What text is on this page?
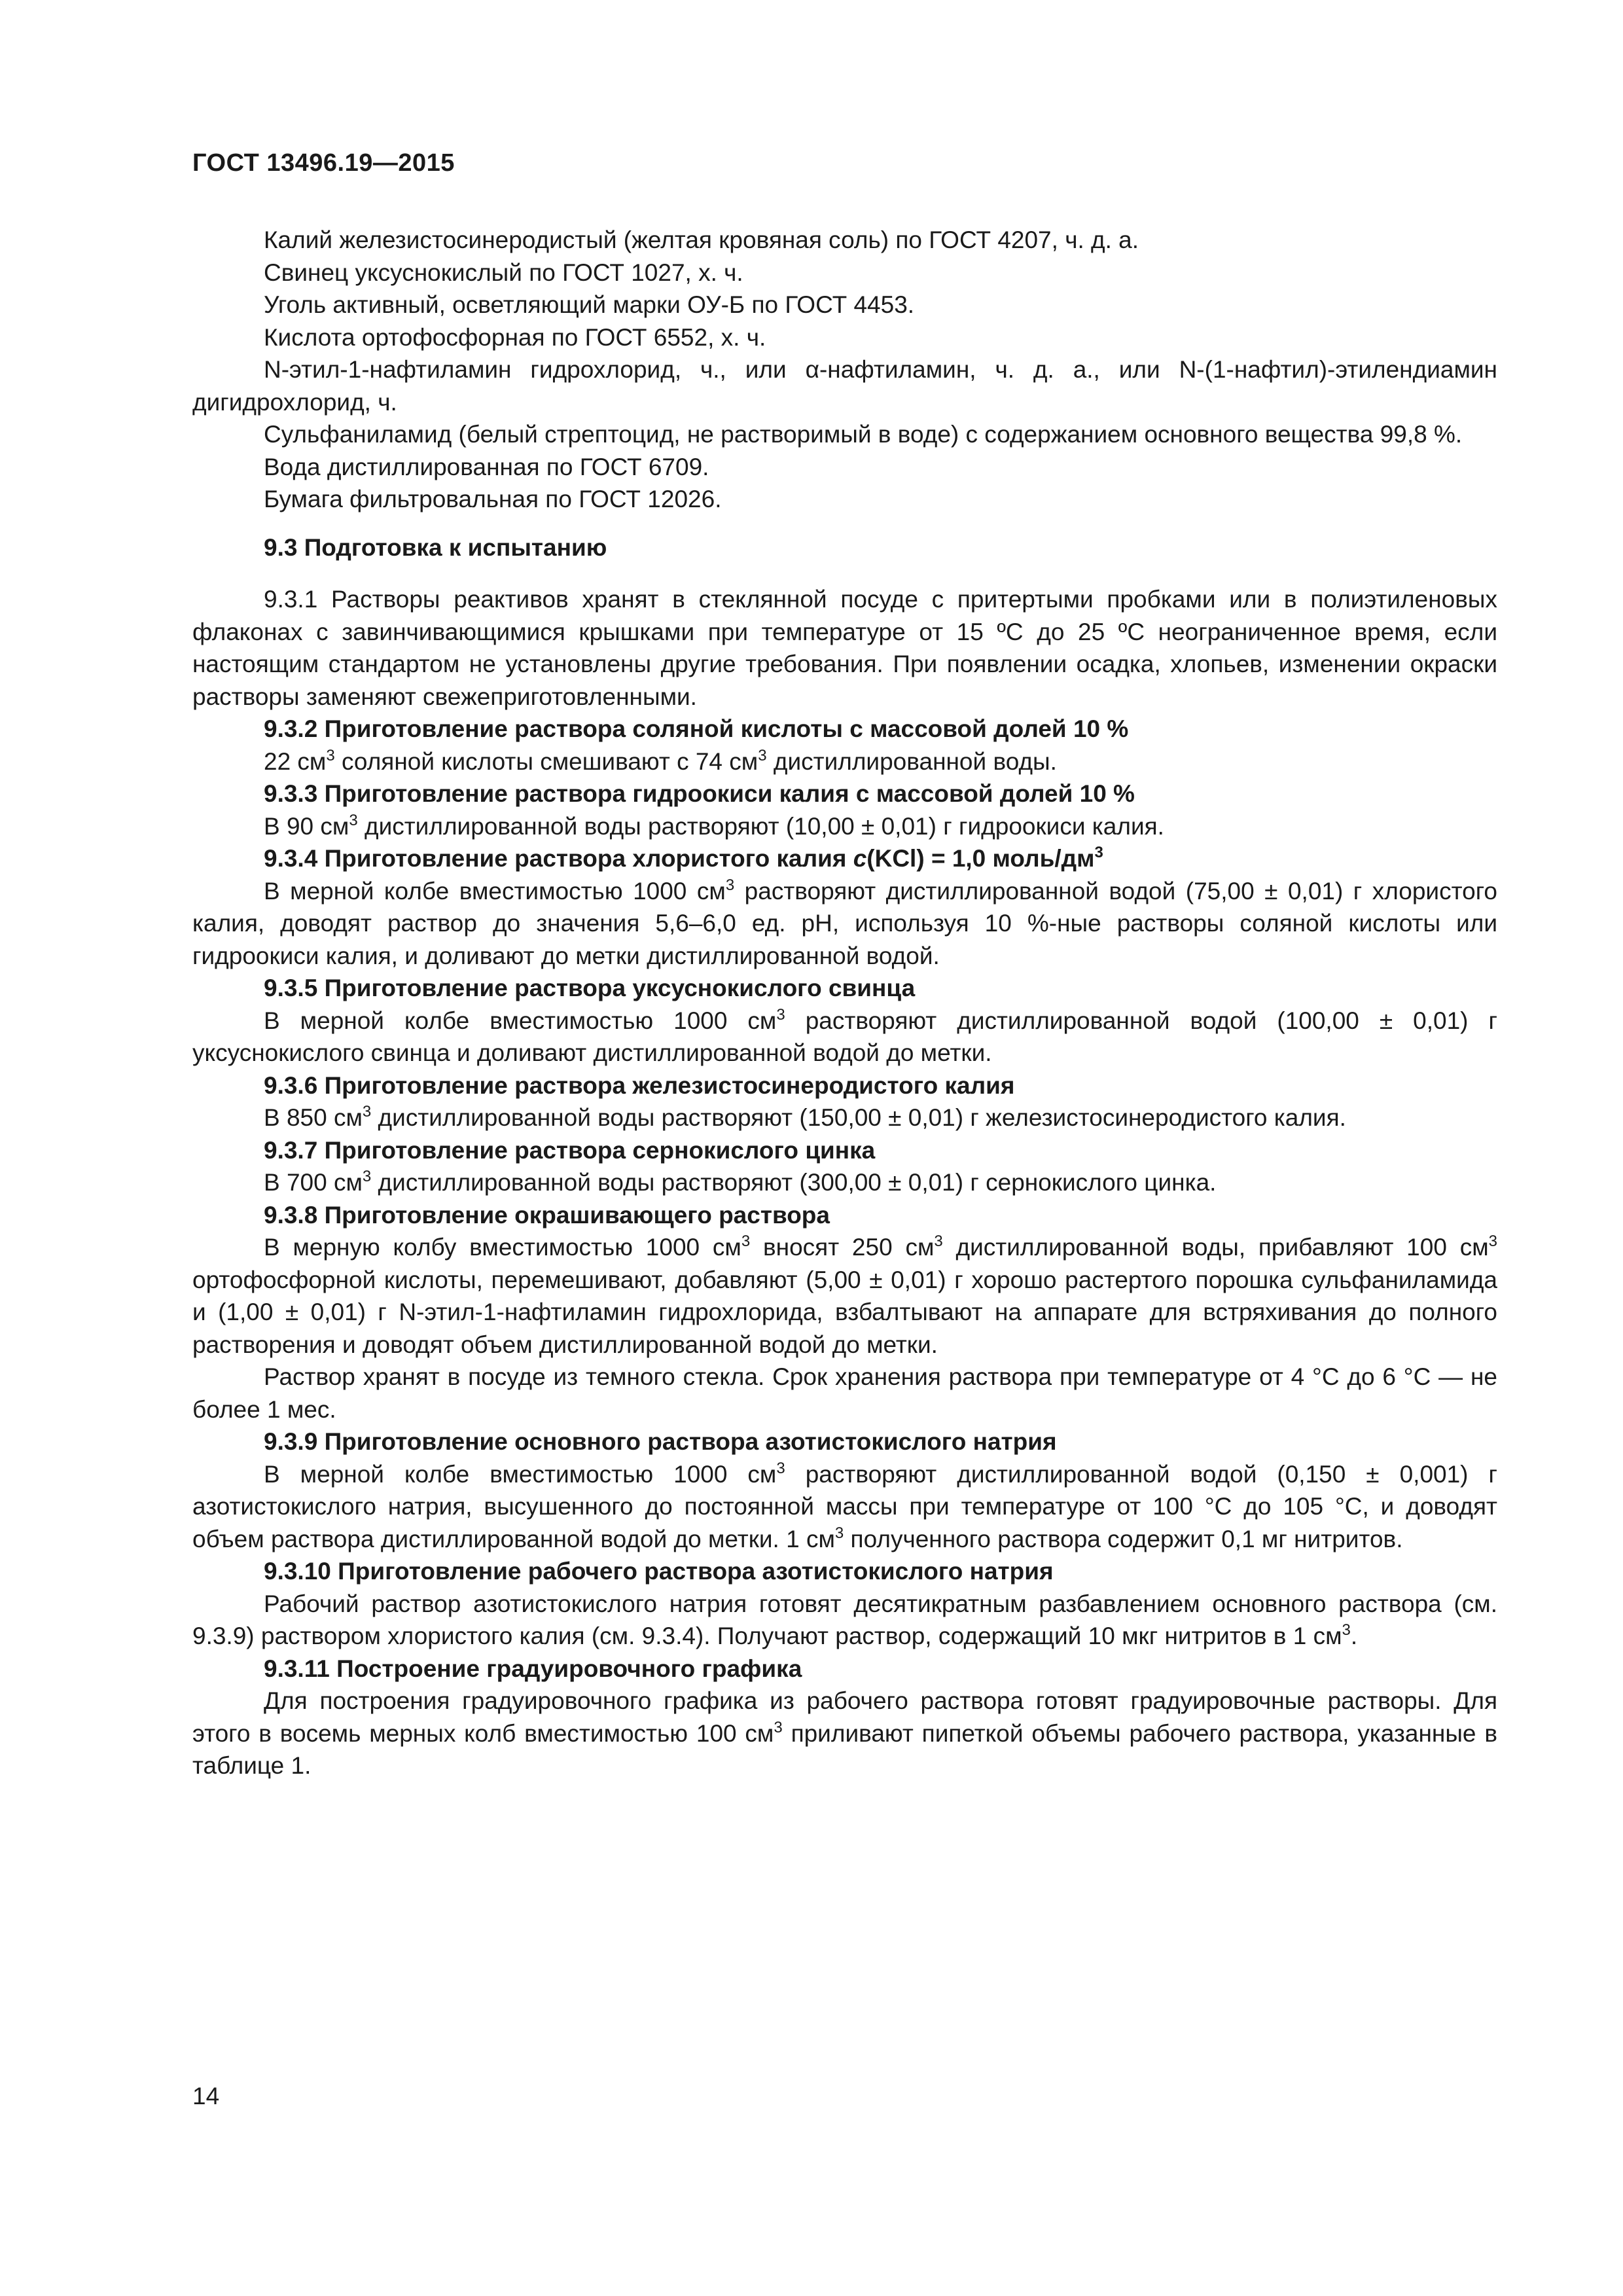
ГОСТ 13496.19—2015

Калий железистосинеродистый (желтая кровяная соль) по ГОСТ 4207, ч. д. а.

Свинец уксуснокислый по ГОСТ 1027, х. ч.

Уголь активный, осветляющий марки ОУ-Б по ГОСТ 4453.

Кислота ортофосфорная по ГОСТ 6552, х. ч.

N-этил-1-нафтиламин гидрохлорид, ч., или α-нафтиламин, ч. д. а., или N-(1-нафтил)-этилендиамин дигидрохлорид, ч.

Сульфаниламид (белый стрептоцид, не растворимый в воде) с содержанием основного вещества 99,8 %.

Вода дистиллированная по ГОСТ 6709.

Бумага фильтровальная по ГОСТ 12026.

9.3 Подготовка к испытанию

9.3.1 Растворы реактивов хранят в стеклянной посуде с притертыми пробками или в полиэтиленовых флаконах с завинчивающимися крышками при температуре от 15 ºС до 25 ºС неограниченное время, если настоящим стандартом не установлены другие требования. При появлении осадка, хлопьев, изменении окраски растворы заменяют свежеприготовленными.

9.3.2 Приготовление раствора соляной кислоты с массовой долей 10 %

22 $см^3$ соляной кислоты смешивают с 74 $см^3$ дистиллированной воды.

9.3.3 Приготовление раствора гидроокиси калия с массовой долей 10 %

В 90 $см^3$ дистиллированной воды растворяют (10,00 ± 0,01) г гидроокиси калия.

9.3.4 Приготовление раствора хлористого калия c(KCl) = 1,0 моль/$дм^3$

В мерной колбе вместимостью 1000 $см^3$ растворяют дистиллированной водой (75,00 ± 0,01) г хлористого калия, доводят раствор до значения 5,6–6,0 ед. pH, используя 10 %-ные растворы соляной кислоты или гидроокиси калия, и доливают до метки дистиллированной водой.

9.3.5 Приготовление раствора уксуснокислого свинца

В мерной колбе вместимостью 1000 $см^3$ растворяют дистиллированной водой (100,00 ± 0,01) г уксуснокислого свинца и доливают дистиллированной водой до метки.

9.3.6 Приготовление раствора железистосинеродистого калия

В 850 $см^3$ дистиллированной воды растворяют (150,00 ± 0,01) г железистосинеродистого калия.

9.3.7 Приготовление раствора сернокислого цинка

В 700 $см^3$ дистиллированной воды растворяют (300,00 ± 0,01) г сернокислого цинка.

9.3.8 Приготовление окрашивающего раствора

В мерную колбу вместимостью 1000 $см^3$ вносят 250 $см^3$ дистиллированной воды, прибавляют 100 $см^3$ ортофосфорной кислоты, перемешивают, добавляют (5,00 ± 0,01) г хорошо растертого порошка сульфаниламида и (1,00 ± 0,01) г N-этил-1-нафтиламин гидрохлорида, взбалтывают на аппарате для встряхивания до полного растворения и доводят объем дистиллированной водой до метки.

Раствор хранят в посуде из темного стекла. Срок хранения раствора при температуре от 4 °С до 6 °С — не более 1 мес.

9.3.9 Приготовление основного раствора азотистокислого натрия

В мерной колбе вместимостью 1000 $см^3$ растворяют дистиллированной водой (0,150 ± 0,001) г азотистокислого натрия, высушенного до постоянной массы при температуре от 100 °С до 105 °С, и доводят объем раствора дистиллированной водой до метки. 1 $см^3$ полученного раствора содержит 0,1 мг нитритов.

9.3.10 Приготовление рабочего раствора азотистокислого натрия

Рабочий раствор азотистокислого натрия готовят десятикратным разбавлением основного раствора (см. 9.3.9) раствором хлористого калия (см. 9.3.4). Получают раствор, содержащий 10 мкг нитритов в 1 $см^3$.

9.3.11 Построение градуировочного графика

Для построения градуировочного графика из рабочего раствора готовят градуировочные растворы. Для этого в восемь мерных колб вместимостью 100 $см^3$ приливают пипеткой объемы рабочего раствора, указанные в таблице 1.

14
